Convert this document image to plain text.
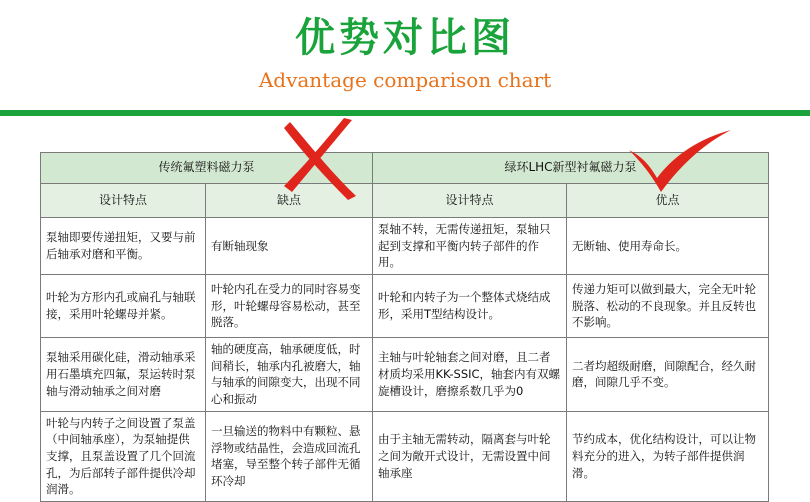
优势对比图
Advantage comparison chart
传统氟塑料磁力泵		绿环LHC新型衬氟磁力泵	
设计特点	缺点	设计特点	优点
泵轴即要传递扭矩，又要与前后轴承对磨和平衡。	有断轴现象	泵轴不转，无需传递扭矩，泵轴只起到支撑和平衡内转子部件的作用。	无断轴、使用寿命长。
叶轮为方形内孔或扁孔与轴联接，采用叶轮螺母并紧。	叶轮内孔在受力的同时容易变形，叶轮螺母容易松动，甚至脱落。	叶轮和内转子为一个整体式烧结成形，采用T型结构设计。	传递力矩可以做到最大，完全无叶轮脱落、松动的不良现象。并且反转也不影响。
泵轴采用碳化硅，滑动轴承采用石墨填充四氟，泵运转时泵轴与滑动轴承之间对磨	轴的硬度高，轴承硬度低，时间稍长，轴承内孔被磨大，轴与轴承的间隙变大，出现不同心和振动	主轴与叶轮轴套之间对磨，且二者材质均采用KK-SSIC，轴套内有双螺旋槽设计，磨擦系数几乎为0	二者均超级耐磨，间隙配合，经久耐磨，间隙几乎不变。
叶轮与内转子之间设置了泵盖（中间轴承座），为泵轴提供支撑，且泵盖设置了几个回流孔，为后部转子部件提供冷却润滑。	一旦输送的物料中有颗粒、悬浮物或结晶性，会造成回流孔堵塞，导至整个转子部件无循环冷却	由于主轴无需转动，隔离套与叶轮之间为敞开式设计，无需设置中间轴承座	节约成本，优化结构设计，可以让物料充分的进入，为转子部件提供润滑。
